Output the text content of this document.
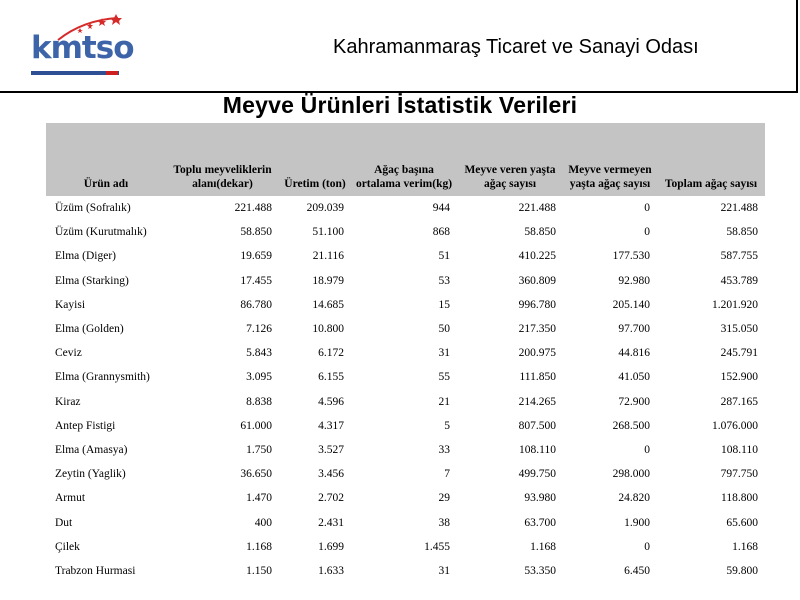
kmtso	Kahramanmaraş Ticaret ve Sanayi Odası
Meyve Ürünleri İstatistik Verileri
Ürün adı	Toplu meyveliklerin alanı(dekar)	Üretim (ton)	Ağaç başına ortalama verim(kg)	Meyve veren yaşta ağaç sayısı	Meyve vermeyen yaşta ağaç sayısı	Toplam ağaç sayısı
Üzüm (Sofralık)	221.488	209.039	944	221.488	0	221.488
Üzüm (Kurutmalık)	58.850	51.100	868	58.850	0	58.850
Elma (Diger)	19.659	21.116	51	410.225	177.530	587.755
Elma (Starking)	17.455	18.979	53	360.809	92.980	453.789
Kayisi	86.780	14.685	15	996.780	205.140	1.201.920
Elma (Golden)	7.126	10.800	50	217.350	97.700	315.050
Ceviz	5.843	6.172	31	200.975	44.816	245.791
Elma (Grannysmith)	3.095	6.155	55	111.850	41.050	152.900
Kiraz	8.838	4.596	21	214.265	72.900	287.165
Antep Fistigi	61.000	4.317	5	807.500	268.500	1.076.000
Elma (Amasya)	1.750	3.527	33	108.110	0	108.110
Zeytin (Yaglik)	36.650	3.456	7	499.750	298.000	797.750
Armut	1.470	2.702	29	93.980	24.820	118.800
Dut	400	2.431	38	63.700	1.900	65.600
Çilek	1.168	1.699	1.455	1.168	0	1.168
Trabzon Hurmasi	1.150	1.633	31	53.350	6.450	59.800
